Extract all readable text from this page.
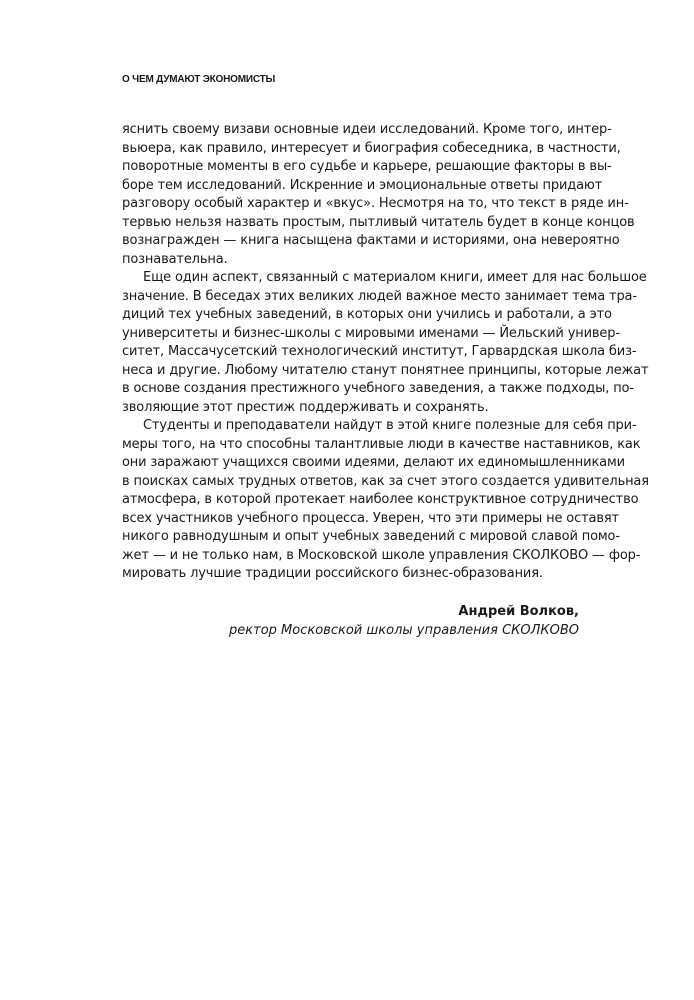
О ЧЕМ ДУМАЮТ ЭКОНОМИСТЫ
яснить своему визави основные идеи исследований. Кроме того, интер-
вьюера, как правило, интересует и биография собеседника, в частности,
поворотные моменты в его судьбе и карьере, решающие факторы в вы-
боре тем исследований. Искренние и эмоциональные ответы придают
разговору особый характер и «вкус». Несмотря на то, что текст в ряде ин-
тервью нельзя назвать простым, пытливый читатель будет в конце концов
вознагражден — книга насыщена фактами и историями, она невероятно
познавательна.
Еще один аспект, связанный с материалом книги, имеет для нас большое
значение. В беседах этих великих людей важное место занимает тема тра-
диций тех учебных заведений, в которых они учились и работали, а это
университеты и бизнес-школы с мировыми именами — Йельский универ-
ситет, Массачусетский технологический институт, Гарвардская школа биз-
неса и другие. Любому читателю станут понятнее принципы, которые лежат
в основе создания престижного учебного заведения, а также подходы, по-
зволяющие этот престиж поддерживать и сохранять.
Студенты и преподаватели найдут в этой книге полезные для себя при-
меры того, на что способны талантливые люди в качестве наставников, как
они заражают учащихся своими идеями, делают их единомышленниками
в поисках самых трудных ответов, как за счет этого создается удивительная
атмосфера, в которой протекает наиболее конструктивное сотрудничество
всех участников учебного процесса. Уверен, что эти примеры не оставят
никого равнодушным и опыт учебных заведений с мировой славой помо-
жет — и не только нам, в Московской школе управления СКОЛКОВО — фор-
мировать лучшие традиции российского бизнес-образования.
Андрей Волков,
ректор Московской школы управления СКОЛКОВО
